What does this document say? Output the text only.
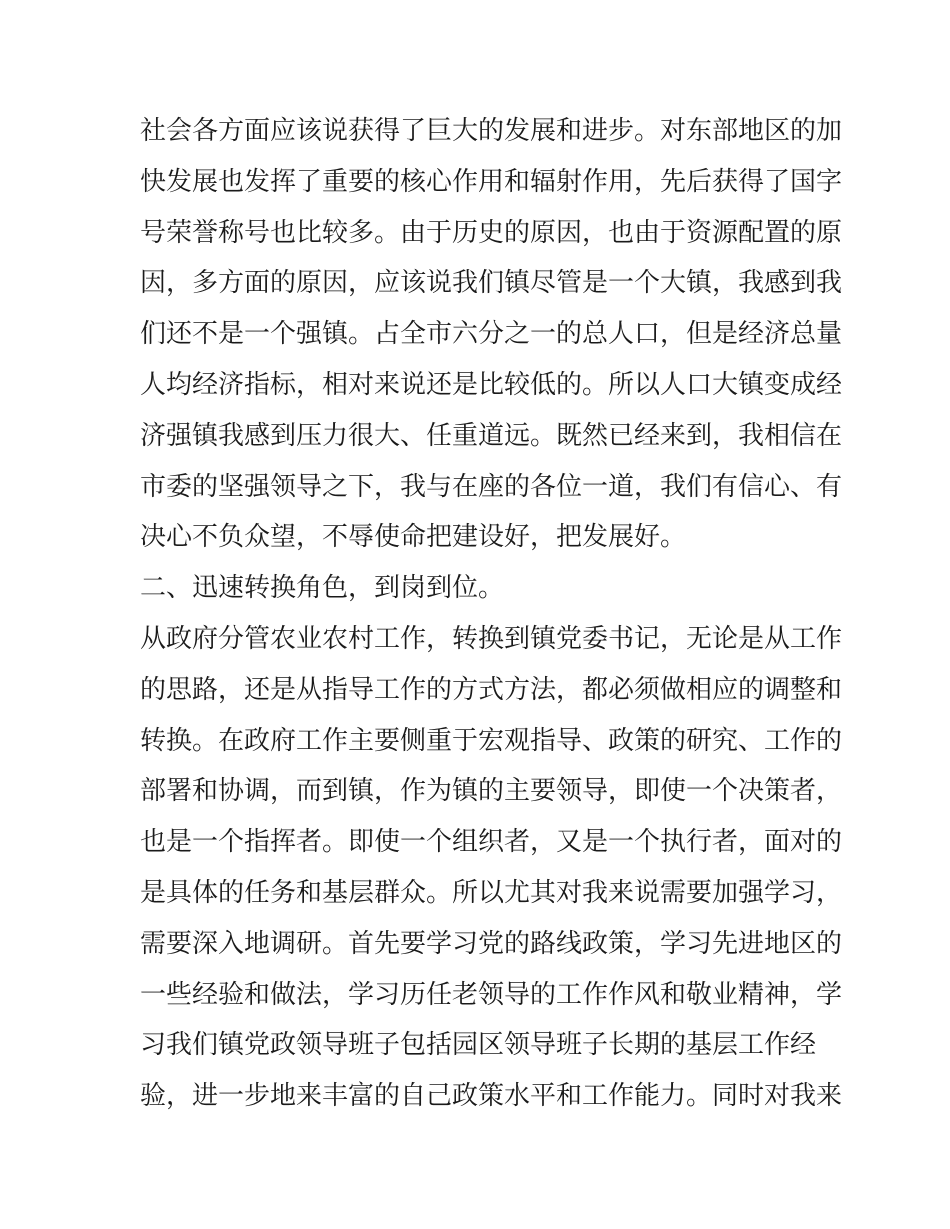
社会各方面应该说获得了巨大的发展和进步。对东部地区的加
快发展也发挥了重要的核心作用和辐射作用，先后获得了国字
号荣誉称号也比较多。由于历史的原因，也由于资源配置的原
因，多方面的原因，应该说我们镇尽管是一个大镇，我感到我
们还不是一个强镇。占全市六分之一的总人口，但是经济总量
人均经济指标，相对来说还是比较低的。所以人口大镇变成经
济强镇我感到压力很大、任重道远。既然已经来到，我相信在
市委的坚强领导之下，我与在座的各位一道，我们有信心、有
决心不负众望，不辱使命把建设好，把发展好。
二、迅速转换角色，到岗到位。
从政府分管农业农村工作，转换到镇党委书记，无论是从工作
的思路，还是从指导工作的方式方法，都必须做相应的调整和
转换。在政府工作主要侧重于宏观指导、政策的研究、工作的
部署和协调，而到镇，作为镇的主要领导，即使一个决策者，
也是一个指挥者。即使一个组织者，又是一个执行者，面对的
是具体的任务和基层群众。所以尤其对我来说需要加强学习，
需要深入地调研。首先要学习党的路线政策，学习先进地区的
一些经验和做法，学习历任老领导的工作作风和敬业精神，学
习我们镇党政领导班子包括园区领导班子长期的基层工作经
验，进一步地来丰富的自己政策水平和工作能力。同时对我来
